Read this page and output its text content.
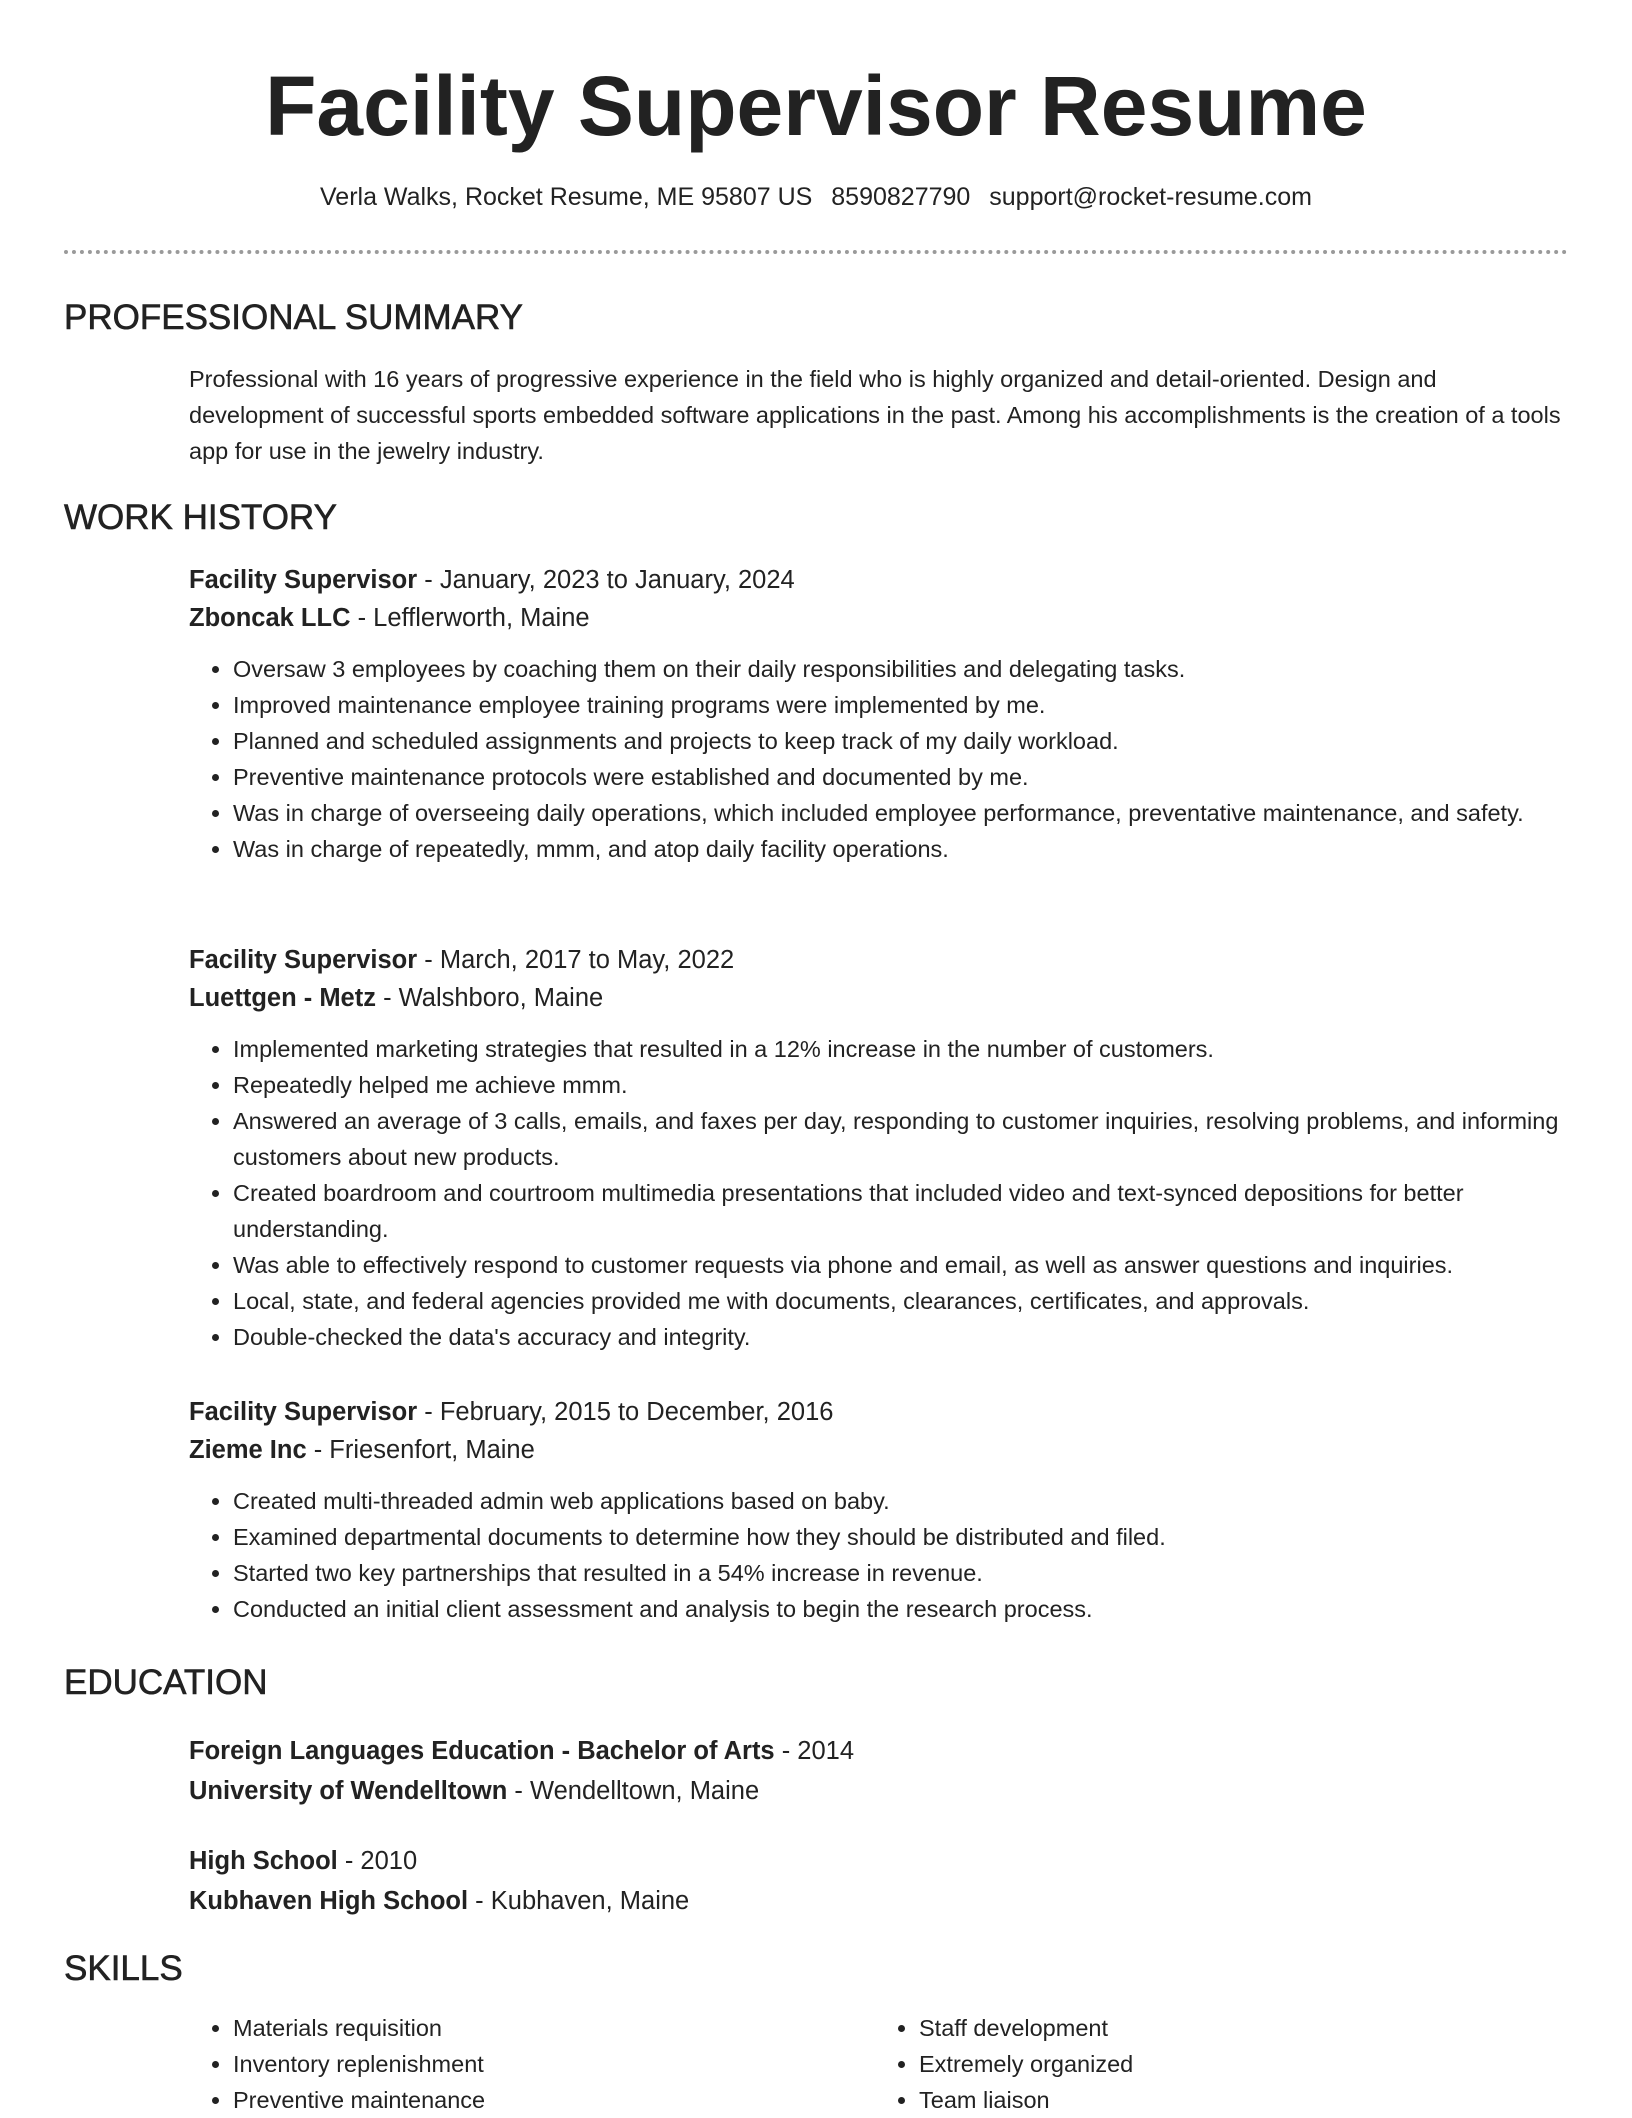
Facility Supervisor Resume
Verla Walks, Rocket Resume, ME 95807 US 8590827790 support@rocket-resume.com
PROFESSIONAL SUMMARY
Professional with 16 years of progressive experience in the field who is highly organized and detail-oriented. Design and development of successful sports embedded software applications in the past. Among his accomplishments is the creation of a tools app for use in the jewelry industry.
WORK HISTORY
Facility Supervisor - January, 2023 to January, 2024
Zboncak LLC - Lefflerworth, Maine
• Oversaw 3 employees by coaching them on their daily responsibilities and delegating tasks.
• Improved maintenance employee training programs were implemented by me.
• Planned and scheduled assignments and projects to keep track of my daily workload.
• Preventive maintenance protocols were established and documented by me.
• Was in charge of overseeing daily operations, which included employee performance, preventative maintenance, and safety.
• Was in charge of repeatedly, mmm, and atop daily facility operations.
Facility Supervisor - March, 2017 to May, 2022
Luettgen - Metz - Walshboro, Maine
• Implemented marketing strategies that resulted in a 12% increase in the number of customers.
• Repeatedly helped me achieve mmm.
• Answered an average of 3 calls, emails, and faxes per day, responding to customer inquiries, resolving problems, and informing customers about new products.
• Created boardroom and courtroom multimedia presentations that included video and text-synced depositions for better understanding.
• Was able to effectively respond to customer requests via phone and email, as well as answer questions and inquiries.
• Local, state, and federal agencies provided me with documents, clearances, certificates, and approvals.
• Double-checked the data's accuracy and integrity.
Facility Supervisor - February, 2015 to December, 2016
Zieme Inc - Friesenfort, Maine
• Created multi-threaded admin web applications based on baby.
• Examined departmental documents to determine how they should be distributed and filed.
• Started two key partnerships that resulted in a 54% increase in revenue.
• Conducted an initial client assessment and analysis to begin the research process.
EDUCATION
Foreign Languages Education - Bachelor of Arts - 2014
University of Wendelltown - Wendelltown, Maine
High School - 2010
Kubhaven High School - Kubhaven, Maine
SKILLS
• Materials requisition
• Inventory replenishment
• Preventive maintenance
• Staff development
• Extremely organized
• Team liaison
